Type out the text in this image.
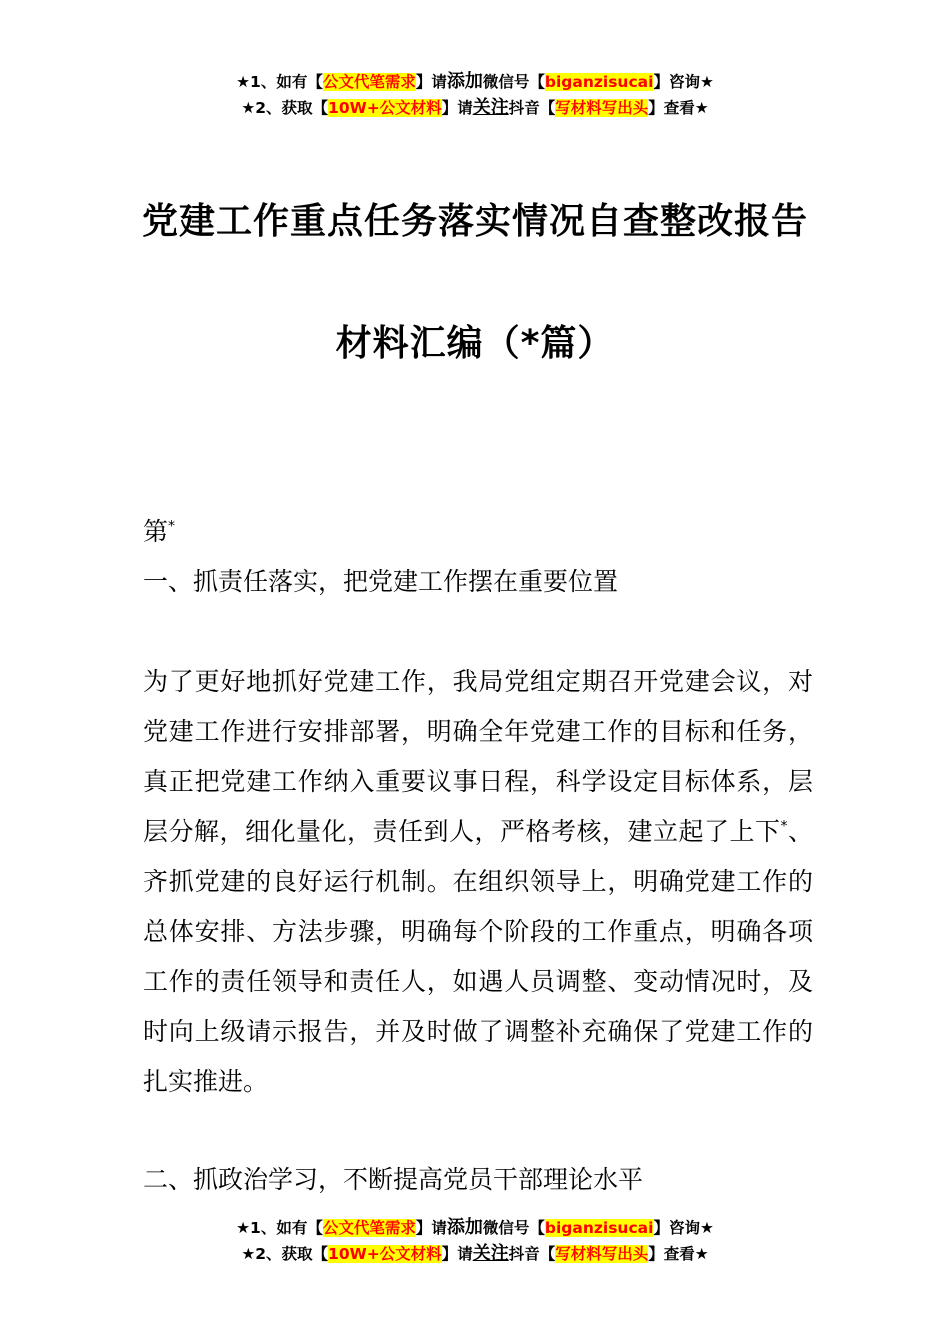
★1、如有【公文代笔需求】请添加微信号【biganzisucai】咨询★
★2、获取【10W+公文材料】请关注抖音【写材料写出头】查看★
党建工作重点任务落实情况自查整改报告
材料汇编（*篇）
第*
一、抓责任落实，把党建工作摆在重要位置
为了更好地抓好党建工作，我局党组定期召开党建会议，对党建工作进行安排部署，明确全年党建工作的目标和任务，真正把党建工作纳入重要议事日程，科学设定目标体系，层层分解，细化量化，责任到人，严格考核，建立起了上下*、齐抓党建的良好运行机制。在组织领导上，明确党建工作的总体安排、方法步骤，明确每个阶段的工作重点，明确各项工作的责任领导和责任人，如遇人员调整、变动情况时，及时向上级请示报告，并及时做了调整补充确保了党建工作的扎实推进。
二、抓政治学习，不断提高党员干部理论水平
★1、如有【公文代笔需求】请添加微信号【biganzisucai】咨询★
★2、获取【10W+公文材料】请关注抖音【写材料写出头】查看★
